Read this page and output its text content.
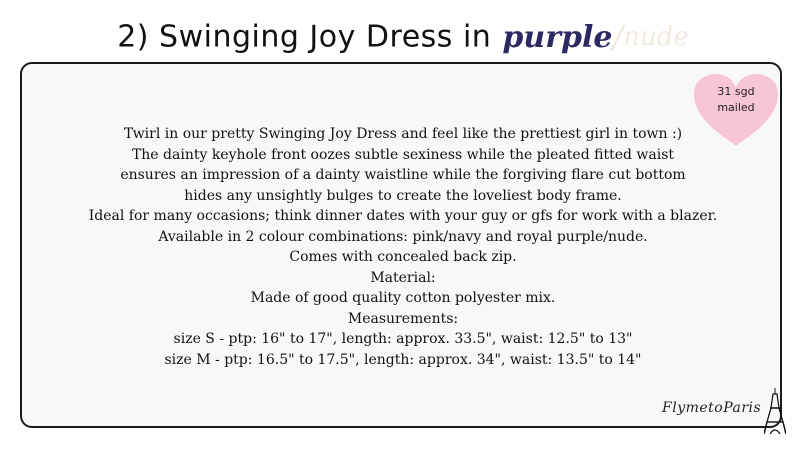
2) Swinging Joy Dress in purple/nude
31 sgd
mailed
Twirl in our pretty Swinging Joy Dress and feel like the prettiest girl in town :)
The dainty keyhole front oozes subtle sexiness while the pleated fitted waist
ensures an impression of a dainty waistline while the forgiving flare cut bottom
hides any unsightly bulges to create the loveliest body frame.
Ideal for many occasions; think dinner dates with your guy or gfs for work with a blazer.
Available in 2 colour combinations: pink/navy and royal purple/nude.
Comes with concealed back zip.
Material:
Made of good quality cotton polyester mix.
Measurements:
size S - ptp: 16" to 17", length: approx. 33.5", waist: 12.5" to 13"
size M - ptp: 16.5" to 17.5", length: approx. 34", waist: 13.5" to 14"
FlymetoParis
